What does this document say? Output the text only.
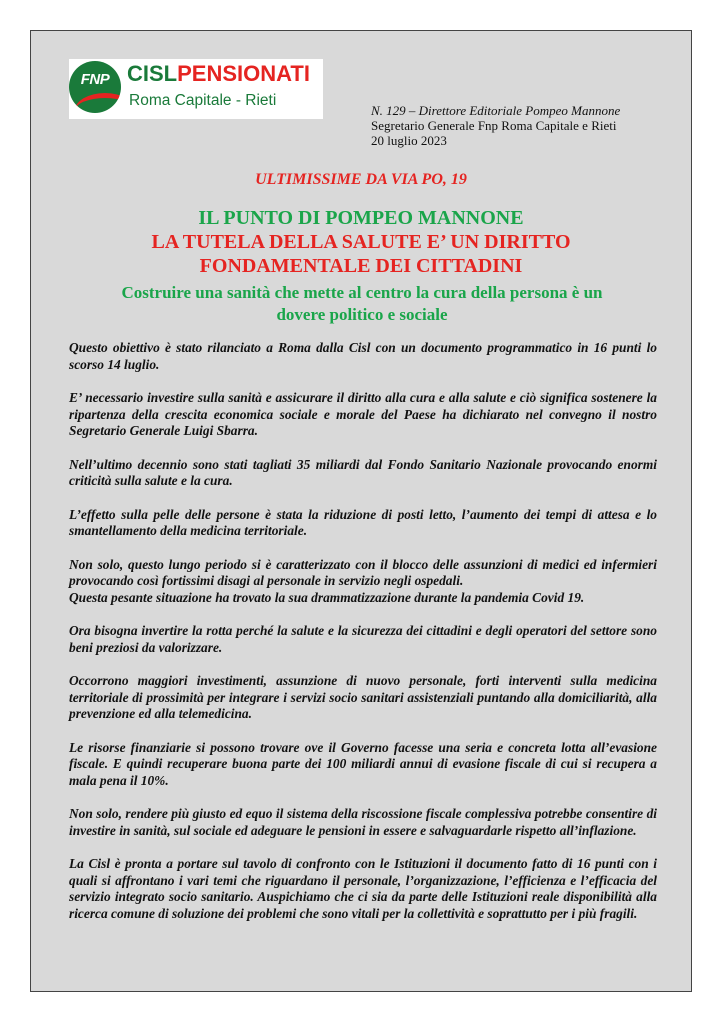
FNP CISLPENSIONATI
Roma Capitale - Rieti
N. 129 – Direttore Editoriale Pompeo Mannone
Segretario Generale Fnp Roma Capitale e Rieti
20 luglio 2023
ULTIMISSIME DA VIA PO, 19
IL PUNTO DI POMPEO MANNONE
LA TUTELA DELLA SALUTE E’ UN DIRITTO
FONDAMENTALE DEI CITTADINI
Costruire una sanità che mette al centro la cura della persona è un dovere politico e sociale

Questo obiettivo è stato rilanciato a Roma dalla Cisl con un documento programmatico in 16 punti lo scorso 14 luglio.

E’ necessario investire sulla sanità e assicurare il diritto alla cura e alla salute e ciò significa sostenere la ripartenza della crescita economica sociale e morale del Paese ha dichiarato nel convegno il nostro Segretario Generale Luigi Sbarra.

Nell’ultimo decennio sono stati tagliati 35 miliardi dal Fondo Sanitario Nazionale provocando enormi criticità sulla salute e la cura.

L’effetto sulla pelle delle persone è stata la riduzione di posti letto, l’aumento dei tempi di attesa e lo smantellamento della medicina territoriale.

Non solo, questo lungo periodo si è caratterizzato con il blocco delle assunzioni di medici ed infermieri provocando così fortissimi disagi al personale in servizio negli ospedali.
Questa pesante situazione ha trovato la sua drammatizzazione durante la pandemia Covid 19.

Ora bisogna invertire la rotta perché la salute e la sicurezza dei cittadini e degli operatori del settore sono beni preziosi da valorizzare.

Occorrono maggiori investimenti, assunzione di nuovo personale, forti interventi sulla medicina territoriale di prossimità per integrare i servizi socio sanitari assistenziali puntando alla domiciliarità, alla prevenzione ed alla telemedicina.

Le risorse finanziarie si possono trovare ove il Governo facesse una seria e concreta lotta all’evasione fiscale. E quindi recuperare buona parte dei 100 miliardi annui di evasione fiscale di cui si recupera a mala pena il 10%.

Non solo, rendere più giusto ed equo il sistema della riscossione fiscale complessiva potrebbe consentire di investire in sanità, sul sociale ed adeguare le pensioni in essere e salvaguardarle rispetto all’inflazione.

La Cisl è pronta a portare sul tavolo di confronto con le Istituzioni il documento fatto di 16 punti con i quali si affrontano i vari temi che riguardano il personale, l’organizzazione, l’efficienza e l’efficacia del servizio integrato socio sanitario. Auspichiamo che ci sia da parte delle Istituzioni reale disponibilità alla ricerca comune di soluzione dei problemi che sono vitali per la collettività e soprattutto per i più fragili.
